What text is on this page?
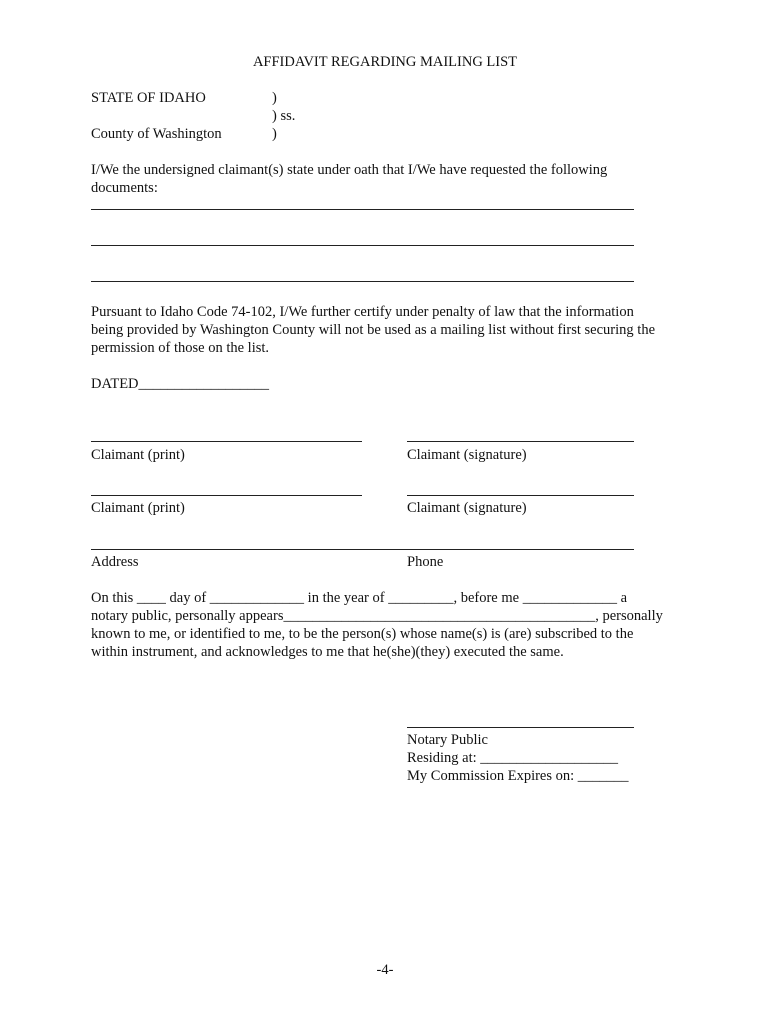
AFFIDAVIT REGARDING MAILING LIST
STATE OF IDAHO	)
) ss.
County of Washington	)
I/We the undersigned claimant(s) state under oath that I/We have requested the following
documents:
Pursuant to Idaho Code 74-102, I/We further certify under penalty of law that the information
being provided by Washington County will not be used as a mailing list without first securing the
permission of those on the list.
DATED__________________
Claimant (print)	Claimant (signature)
Claimant (print)	Claimant (signature)
Address	Phone
On this ____ day of _____________ in the year of _________, before me _____________ a
notary public, personally appears___________________________________________, personally
known to me, or identified to me, to be the person(s) whose name(s) is (are) subscribed to the
within instrument, and acknowledges to me that he(she)(they) executed the same.
Notary Public
Residing at: ___________________
My Commission Expires on: _______
-4-
